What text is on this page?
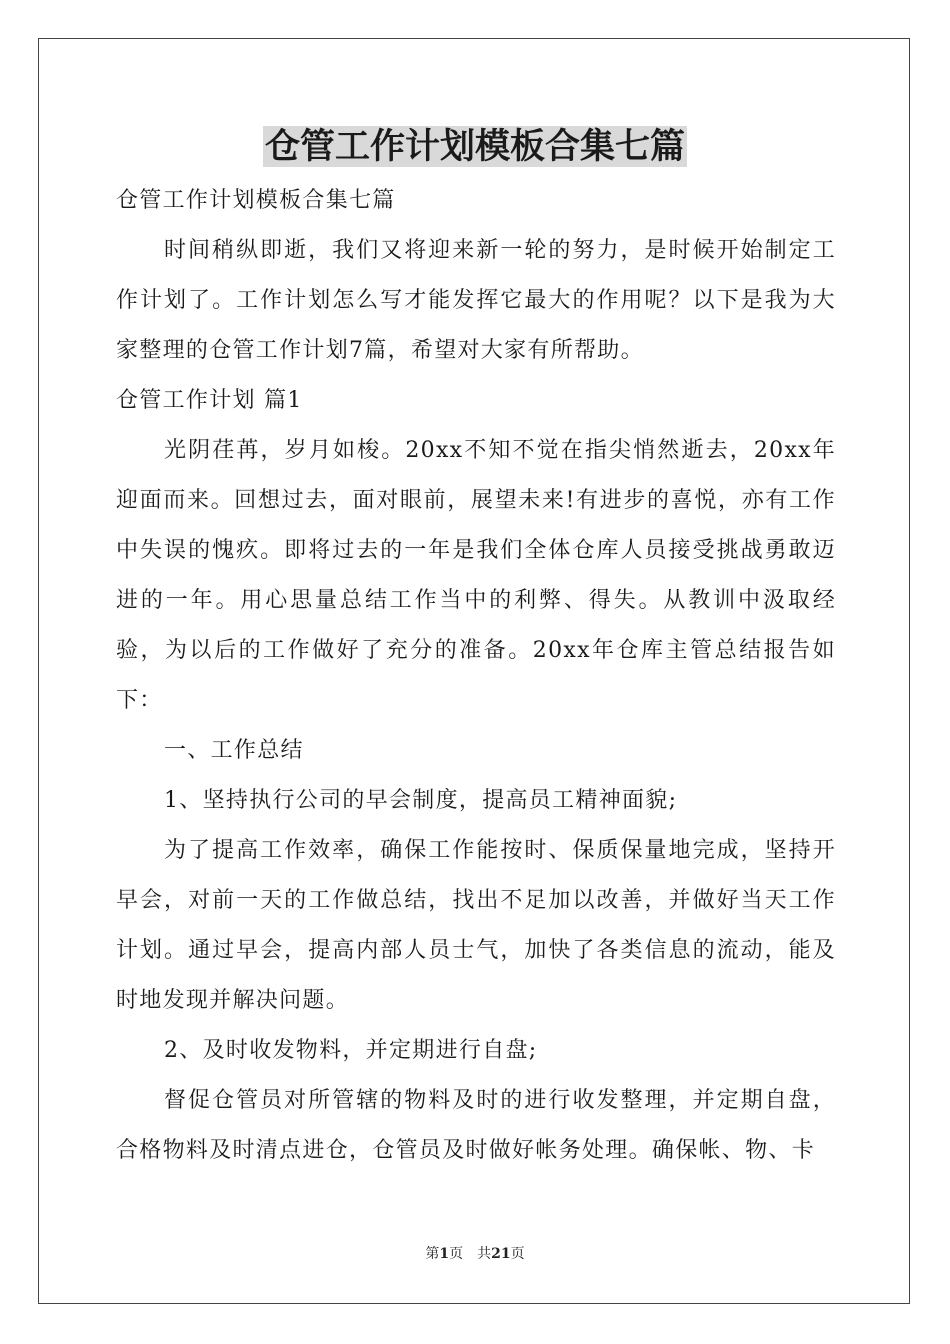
仓管工作计划模板合集七篇

仓管工作计划模板合集七篇

时间稍纵即逝，我们又将迎来新一轮的努力，是时候开始制定工作计划了。工作计划怎么写才能发挥它最大的作用呢？以下是我为大家整理的仓管工作计划7篇，希望对大家有所帮助。

仓管工作计划 篇1

光阴荏苒，岁月如梭。20xx不知不觉在指尖悄然逝去，20xx年迎面而来。回想过去，面对眼前，展望未来!有进步的喜悦，亦有工作中失误的愧疚。即将过去的一年是我们全体仓库人员接受挑战勇敢迈进的一年。用心思量总结工作当中的利弊、得失。从教训中汲取经验，为以后的工作做好了充分的准备。20xx年仓库主管总结报告如下：

一、工作总结

1、坚持执行公司的早会制度，提高员工精神面貌;

为了提高工作效率，确保工作能按时、保质保量地完成，坚持开早会，对前一天的工作做总结，找出不足加以改善，并做好当天工作计划。通过早会，提高内部人员士气，加快了各类信息的流动，能及时地发现并解决问题。

2、及时收发物料，并定期进行自盘;

督促仓管员对所管辖的物料及时的进行收发整理，并定期自盘，合格物料及时清点进仓，仓管员及时做好帐务处理。确保帐、物、卡

第1页 共21页
